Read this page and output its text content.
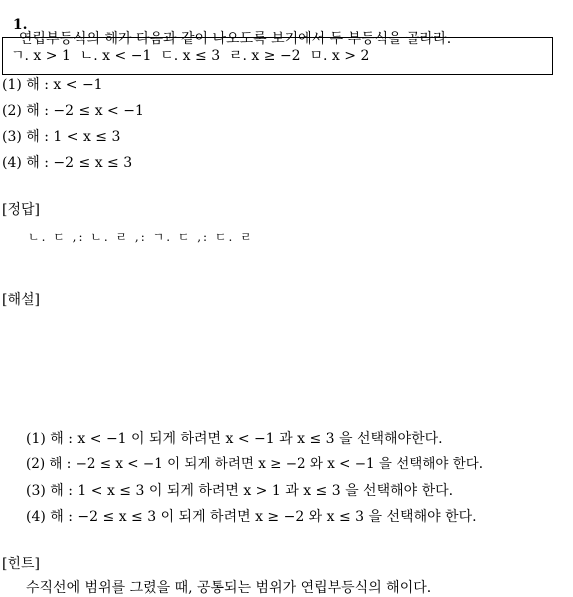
1.
연립부등식의 해가 다음과 같이 나오도록 보기에서 두 부등식을 골라라.

ㄱ. x > 1  ㄴ. x < −1  ㄷ. x ≤ 3  ㄹ. x ≥ −2  ㅁ. x > 2
(1) 해 : x < −1
(2) 해 : −2 ≤ x < −1
(3) 해 : 1 < x ≤ 3
(4) 해 : −2 ≤ x ≤ 3
[정답]
ㄴ. ㄷ ,: ㄴ. ㄹ ,: ㄱ. ㄷ ,: ㄷ. ㄹ
[해설]
(1) 해 : x < −1 이 되게 하려면 x < −1 과 x ≤ 3 을 선택해야한다.
(2) 해 : −2 ≤ x < −1 이 되게 하려면 x ≥ −2 와 x < −1 을 선택해야 한다.
(3) 해 : 1 < x ≤ 3 이 되게 하려면 x > 1 과 x ≤ 3 을 선택해야 한다.
(4) 해 : −2 ≤ x ≤ 3 이 되게 하려면 x ≥ −2 와 x ≤ 3 을 선택해야 한다.
[힌트]
수직선에 범위를 그렸을 때, 공통되는 범위가 연립부등식의 해이다.
